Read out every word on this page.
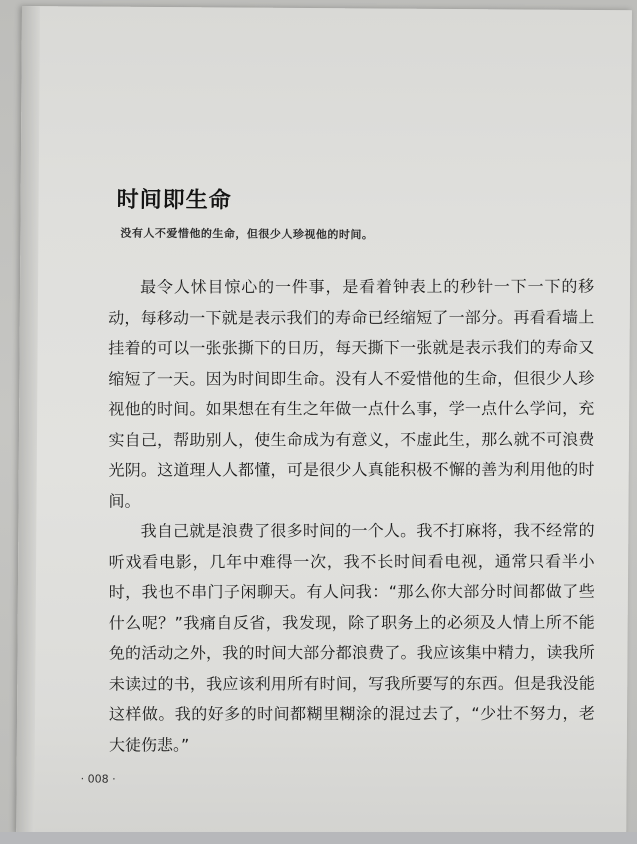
时间即生命

没有人不爱惜他的生命，但很少人珍视他的时间。

最令人怵目惊心的一件事，是看着钟表上的秒针一下一下的移动，每移动一下就是表示我们的寿命已经缩短了一部分。再看看墙上挂着的可以一张张撕下的日历，每天撕下一张就是表示我们的寿命又缩短了一天。因为时间即生命。没有人不爱惜他的生命，但很少人珍视他的时间。如果想在有生之年做一点什么事，学一点什么学问，充实自己，帮助别人，使生命成为有意义，不虚此生，那么就不可浪费光阴。这道理人人都懂，可是很少人真能积极不懈的善为利用他的时间。

我自己就是浪费了很多时间的一个人。我不打麻将，我不经常的听戏看电影，几年中难得一次，我不长时间看电视，通常只看半小时，我也不串门子闲聊天。有人问我：“那么你大部分时间都做了些什么呢？”我痛自反省，我发现，除了职务上的必须及人情上所不能免的活动之外，我的时间大部分都浪费了。我应该集中精力，读我所未读过的书，我应该利用所有时间，写我所要写的东西。但是我没能这样做。我的好多的时间都糊里糊涂的混过去了，“少壮不努力，老大徒伤悲。”

· 008 ·
